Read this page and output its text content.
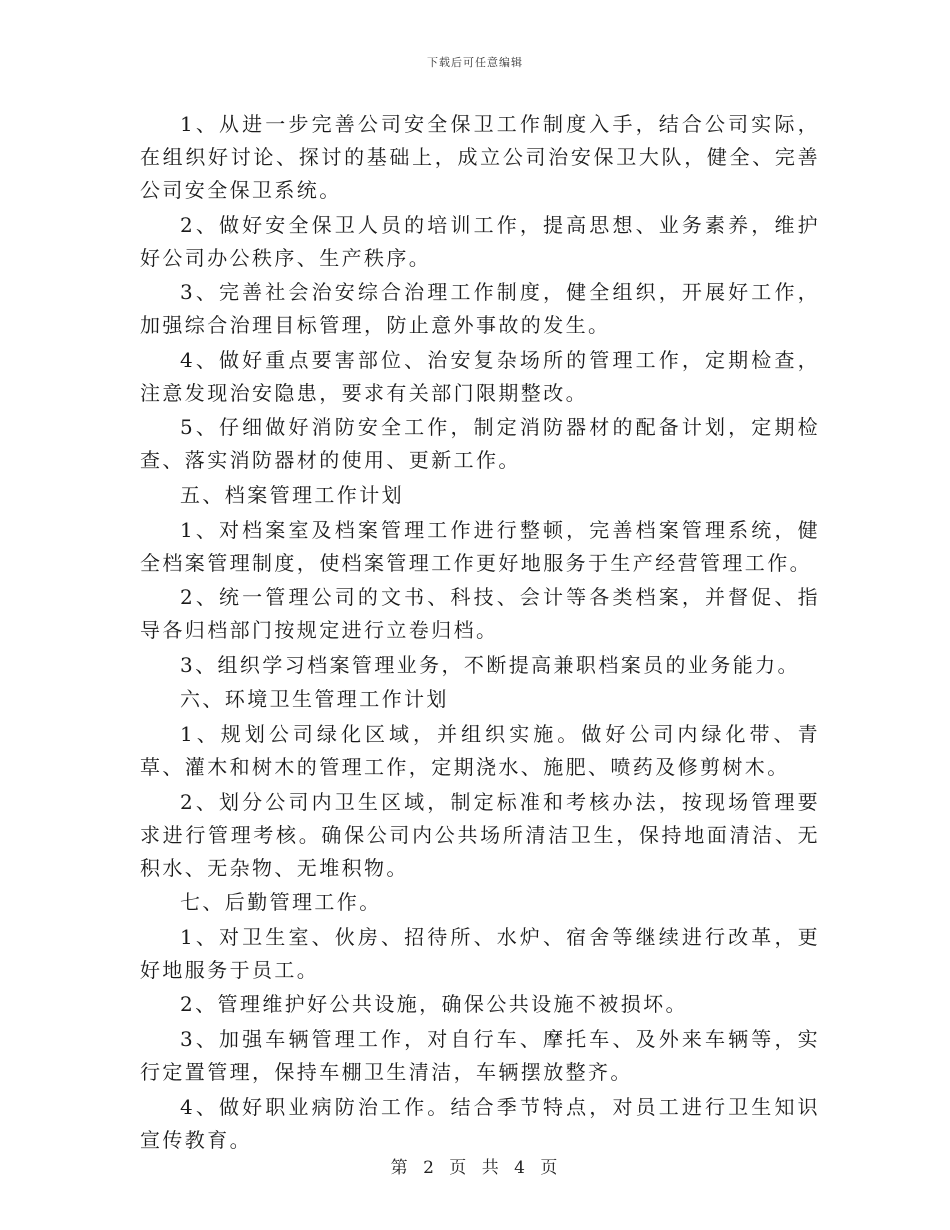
下载后可任意编辑

1、从进一步完善公司安全保卫工作制度入手，结合公司实际，在组织好讨论、探讨的基础上，成立公司治安保卫大队，健全、完善公司安全保卫系统。

2、做好安全保卫人员的培训工作，提高思想、业务素养，维护好公司办公秩序、生产秩序。

3、完善社会治安综合治理工作制度，健全组织，开展好工作，加强综合治理目标管理，防止意外事故的发生。

4、做好重点要害部位、治安复杂场所的管理工作，定期检查，注意发现治安隐患，要求有关部门限期整改。

5、仔细做好消防安全工作，制定消防器材的配备计划，定期检查、落实消防器材的使用、更新工作。

五、档案管理工作计划

1、对档案室及档案管理工作进行整顿，完善档案管理系统，健全档案管理制度，使档案管理工作更好地服务于生产经营管理工作。

2、统一管理公司的文书、科技、会计等各类档案，并督促、指导各归档部门按规定进行立卷归档。

3、组织学习档案管理业务，不断提高兼职档案员的业务能力。

六、环境卫生管理工作计划

1、规划公司绿化区域，并组织实施。做好公司内绿化带、青草、灌木和树木的管理工作，定期浇水、施肥、喷药及修剪树木。

2、划分公司内卫生区域，制定标准和考核办法，按现场管理要求进行管理考核。确保公司内公共场所清洁卫生，保持地面清洁、无积水、无杂物、无堆积物。

七、后勤管理工作。

1、对卫生室、伙房、招待所、水炉、宿舍等继续进行改革，更好地服务于员工。

2、管理维护好公共设施，确保公共设施不被损坏。

3、加强车辆管理工作，对自行车、摩托车、及外来车辆等，实行定置管理，保持车棚卫生清洁，车辆摆放整齐。

4、做好职业病防治工作。结合季节特点，对员工进行卫生知识宣传教育。

第 2 页 共 4 页
